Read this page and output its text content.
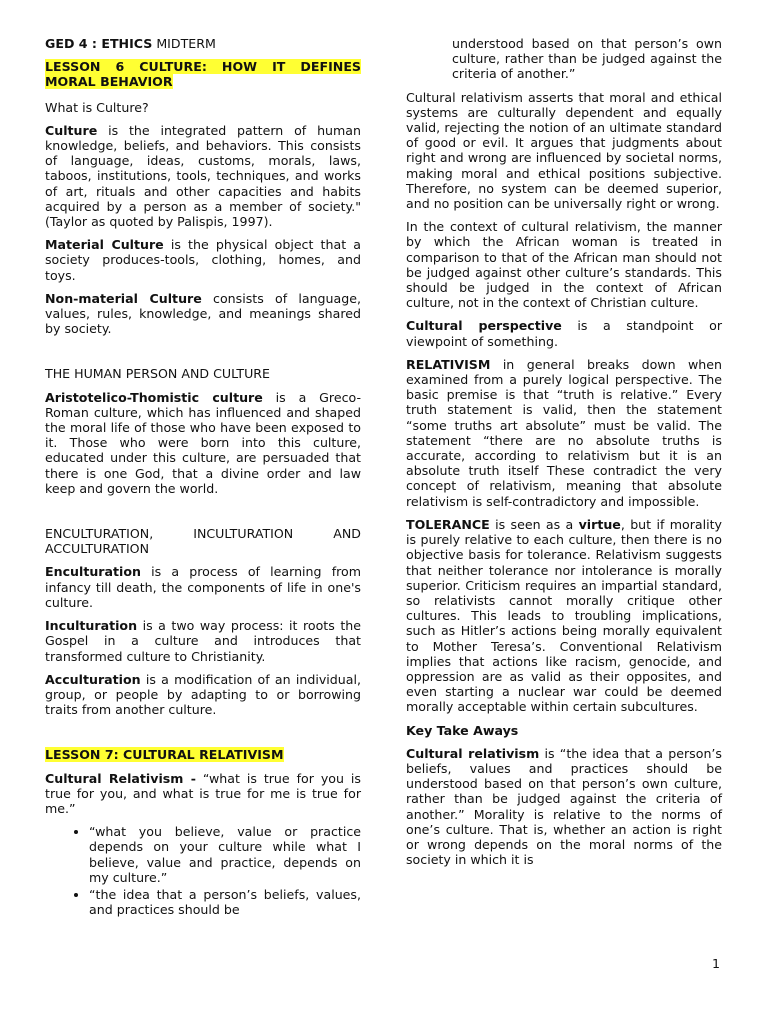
GED 4 : ETHICS MIDTERM

LESSON 6 CULTURE: HOW IT DEFINES MORAL BEHAVIOR

What is Culture?

Culture is the integrated pattern of human knowledge, beliefs, and behaviors. This consists of language, ideas, customs, morals, laws, taboos, institutions, tools, techniques, and works of art, rituals and other capacities and habits acquired by a person as a member of society." (Taylor as quoted by Palispis, 1997).

Material Culture is the physical object that a society produces-tools, clothing, homes, and toys.

Non-material Culture consists of language, values, rules, knowledge, and meanings shared by society.

THE HUMAN PERSON AND CULTURE

Aristotelico-Thomistic culture is a Greco-Roman culture, which has influenced and shaped the moral life of those who have been exposed to it. Those who were born into this culture, educated under this culture, are persuaded that there is one God, that a divine order and law keep and govern the world.

ENCULTURATION,	INCULTURATION	AND
ACCULTURATION

Enculturation is a process of learning from infancy till death, the components of life in one's culture.

Inculturation is a two way process: it roots the Gospel in a culture and introduces that transformed culture to Christianity.

Acculturation is a modification of an individual, group, or people by adapting to or borrowing traits from another culture.

LESSON 7: CULTURAL RELATIVISM

Cultural Relativism - “what is true for you is true for you, and what is true for me is true for me.”

• “what you believe, value or practice depends on your culture while what I believe, value and practice, depends on my culture.”
• “the idea that a person’s beliefs, values, and practices should be

understood based on that person’s own culture, rather than be judged against the criteria of another.”

Cultural relativism asserts that moral and ethical systems are culturally dependent and equally valid, rejecting the notion of an ultimate standard of good or evil. It argues that judgments about right and wrong are influenced by societal norms, making moral and ethical positions subjective. Therefore, no system can be deemed superior, and no position can be universally right or wrong.

In the context of cultural relativism, the manner by which the African woman is treated in comparison to that of the African man should not be judged against other culture’s standards. This should be judged in the context of African culture, not in the context of Christian culture.

Cultural perspective is a standpoint or viewpoint of something.

RELATIVISM in general breaks down when examined from a purely logical perspective. The basic premise is that “truth is relative.” Every truth statement is valid, then the statement “some truths art absolute” must be valid. The statement “there are no absolute truths is accurate, according to relativism but it is an absolute truth itself These contradict the very concept of relativism, meaning that absolute relativism is self-contradictory and impossible.

TOLERANCE is seen as a virtue, but if morality is purely relative to each culture, then there is no objective basis for tolerance. Relativism suggests that neither tolerance nor intolerance is morally superior. Criticism requires an impartial standard, so relativists cannot morally critique other cultures. This leads to troubling implications, such as Hitler’s actions being morally equivalent to Mother Teresa’s. Conventional Relativism implies that actions like racism, genocide, and oppression are as valid as their opposites, and even starting a nuclear war could be deemed morally acceptable within certain subcultures.

Key Take Aways

Cultural relativism is “the idea that a person’s beliefs, values and practices should be understood based on that person’s own culture, rather than be judged against the criteria of another.” Morality is relative to the norms of one’s culture. That is, whether an action is right or wrong depends on the moral norms of the society in which it is

1
